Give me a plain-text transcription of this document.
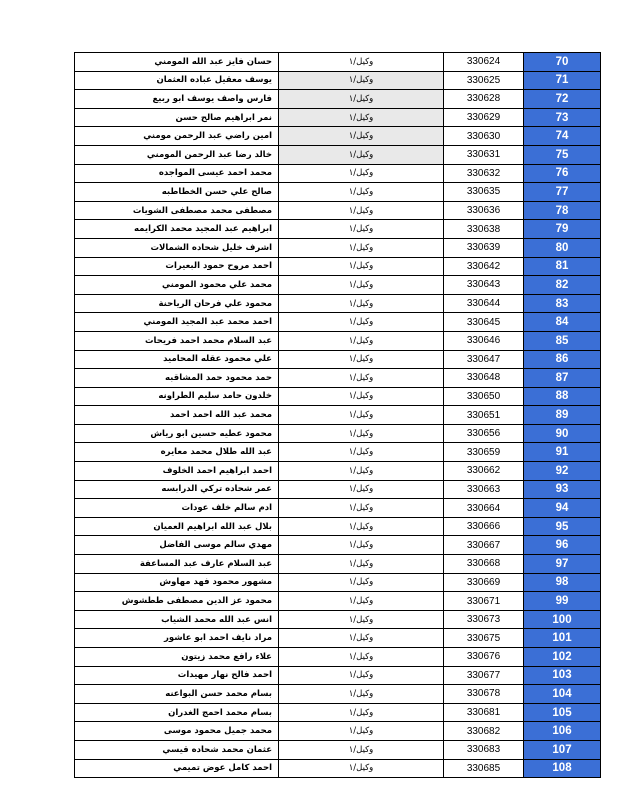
حسان فايز عبد الله المومني	وكيل/١	330624	70
يوسف معقيل عباده العثمان	وكيل/١	330625	71
فارس واصف يوسف ابو ربيع	وكيل/١	330628	72
نمر ابراهيم صالح حسن	وكيل/١	330629	73
امين راضي عبد الرحمن مومني	وكيل/١	330630	74
خالد رضا عبد الرحمن المومني	وكيل/١	330631	75
محمد احمد عيسى المواجده	وكيل/١	330632	76
صالح علي حسن الخطاطبه	وكيل/١	330635	77
مصطفى محمد مصطفى الشويات	وكيل/١	330636	78
ابراهيم عبد المجيد محمد الكرايمه	وكيل/١	330638	79
اشرف خليل شحاده الشمالات	وكيل/١	330639	80
احمد مروح حمود البعيرات	وكيل/١	330642	81
محمد علي محمود المومني	وكيل/١	330643	82
محمود علي فرحان الرياحنة	وكيل/١	330644	83
احمد محمد عبد المجيد المومني	وكيل/١	330645	84
عبد السلام محمد احمد فريحات	وكيل/١	330646	85
علي محمود عقله المحاميد	وكيل/١	330647	86
حمد محمود حمد المشاقبه	وكيل/١	330648	87
خلدون حامد سليم الطراونه	وكيل/١	330650	88
محمد عبد الله احمد احمد	وكيل/١	330651	89
محمود عطيه حسين ابو رياش	وكيل/١	330656	90
عبد الله طلال محمد معايره	وكيل/١	330659	91
احمد ابراهيم احمد الخلوف	وكيل/١	330662	92
عمر شحاده تركي الدرابسه	وكيل/١	330663	93
ادم سالم خلف عودات	وكيل/١	330664	94
بلال عبد الله ابراهيم العميان	وكيل/١	330666	95
مهدي سالم موسى الفاضل	وكيل/١	330667	96
عبد السلام عارف عبد المساعفة	وكيل/١	330668	97
مشهور محمود فهد مهاوش	وكيل/١	330669	98
محمود عز الدين مصطفى ططشوش	وكيل/١	330671	99
انس عبد الله محمد الشياب	وكيل/١	330673	100
مراد نايف احمد ابو عاشور	وكيل/١	330675	101
علاء رافع محمد زيتون	وكيل/١	330676	102
احمد فالح نهار مهيدات	وكيل/١	330677	103
بسام محمد حسن البواعنه	وكيل/١	330678	104
بسام محمد احمج الغدران	وكيل/١	330681	105
محمد جميل محمود موسى	وكيل/١	330682	106
عثمان محمد شحاده قيسي	وكيل/١	330683	107
احمد كامل عوض تميمي	وكيل/١	330685	108
